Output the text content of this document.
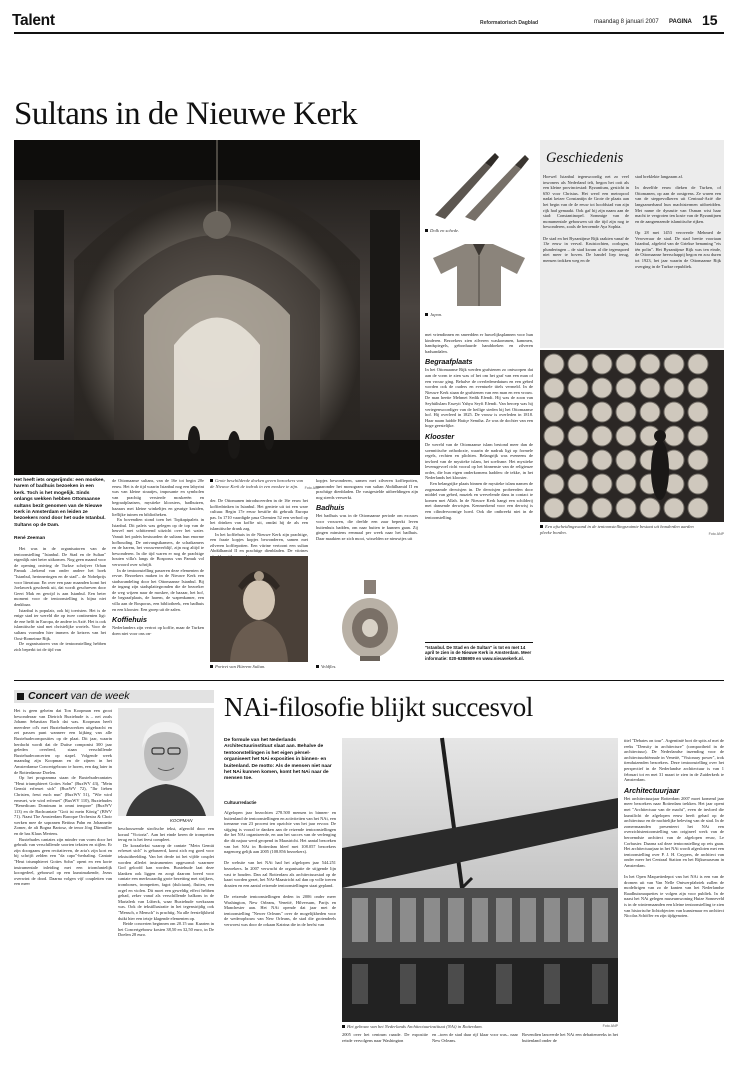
Talent	Reformatorisch Dagblad	maandag 8 januari 2007 PAGINA 15
Sultans in de Nieuwe Kerk
Geschiedenis
Hoewel Istanbul tegenwoordig net zo veel inwoners als Nederland telt, begon het ooit als een kleine provinciestad: Byzantium, gesticht in 650 voor Christus. Het werd een metropool nadat keizer Constantijn de Grote de plaats aan het begin van de 4e eeuw tot hoofdstad van zijn rijk had gemaakt. Ook gaf hij zijn naam aan de stad: Constantinopel. Sommige van de monumentale gebouwen uit die tijd zijn nog te bewonderen, zoals de beroemde Aya Sophia.

De stad en het Byzantijnse Rijk raakten vanaf de 13e eeuw in verval. Kruistochten, oorlogen, plunderingen – de stad kwam al die tegenspoed niet meer te boven. De handel liep terug, mensen trokken weg en de
stad breklekte langzaam af.

In dezelfde eeuw dieken de Turken, of Ottomanen, op aan de oostgrens. Ze waren een van de steppevolkeren uit Centraal-Azië die langzamerhand hun machtstermen uitbreidden. Met name de dynastie van Osman wist haar macht te vergroten ten koste van de Byzantijnen en de aangrenzende islamitische rijken.

Op 28 mei 1453 veroverde Mehmed de Veroveraar de stad. De stad heette voortaan Istanbul, afgeleid van de Griekse benaming "eis tèn polin". Het Byzantijnse Rijk was ten einde, de Ottomaanse heerschappij begon en zou duren tot 1923, het jaar waarin de Ottomaanse Rijk overging in de Turkse republiek.
Dolk en schede.
Japon.
Een afscheidingswand in de tentoonstellingsruimte bestaat uit honderden aarden pleeke borden.	Foto ANP
Het heeft iets ongerijmds: een moskee, harem of badhuis bezoeken in een kerk. Toch is het mogelijk. Sinds onlangs wekken hebben Ottomaanse sultans bezit genomen van de Nieuwe Kerk in Amsterdam en leiden ze bezoekers rond door het oude Istanbul. Sultans op de Dam.
René Zeeman

Het was in de organisatoren van de tentoonstelling "Istanbul. De Stad en de Sultan" eigenlijk niet beter uitkomen. Nog geen maand voor de opening ontving de Turkse schrijver Orhan Pamuk –bekend van onder andere het boek "Istanbul, herinneringen en de stad"– de Nobelprijs voor literatuur. En over een paar maanden komt het Joelawerk geschenk uit, dat wordt geschreven door Geert Mak en gewijd is aan Istanbul. Een beter moment voor de tentoonstelling is bijna niet denkbaar.

Istanbul is populair, ook bij toeristen. Het is de enige stad ter wereld die op twee continenten ligt: de ene helft in Europa, de andere in Azië. Het is ook islamitische stad met christelijke wortels. Voor de sultans vormden hier immers de keizers van het Oost-Romeinse Rijk.

De organisatoren van de tentoonstelling hebben zich beperkt tot de tijd van

de Ottomaanse sultans, van de 16e tot begin 20e eeuw. Het is de tijd waarin Istanbul nog een labyrint was van kleine straatjes, imposante en symbolen van prachtig versierde moskeeën en begraafplaatsen, mystieke kloosters, badhuizen, bazaars met kleine winkeltjes en geurige kruiden, lieflijke tuinen en bibliotheken.

En bovendien stond toen het Topkapipaleis in Istanbul. Dit paleis was gelegen op de top van de heuvel met schitterend uitzicht over het water. Vanuit het paleis bestuurden de sultans hun enorme hofhouding. De ontvangstkamers, de schatkamers en de harem, het vrouwenverblijf, zijn nog altijd te bewonderen. In die tijd waren er nog de prachtige houten villa's langs de Bosporus van Pamuk vol verwoord over schrijft.

In de tentoonstelling passeren deze elementen de revue. Bezoekers maken in de Nieuwe Kerk een stadswandeling door het Ottomaanse Istanbul. Bij de ingang zijn stadsplattegronden die de bezoeker de weg wijzen naar de moskee, de bazaar, het hof, de begraafplaats, de harem, de wapenkamer, een villa aan de Bosporus, een bibliotheek, een badhuis en een klooster. Een groep uit de zalen.

Koffiehuis

Nederlanders zijn vertrot op koffie, maar de Turken doen niet voor ons on-

Grote beschilderde doeken geven bezoekers van de Nieuwe Kerk de indruk in een moskee te zijn.	Foto ANP

der. De Ottomanen introduceerden in de 16e eeuw het koffiedrinken in Istanbul. Het geniete uit tot een ware cultuur. Begin 17e eeuw bestifte dit gebruik Europa pas. In 1710 vaardigde pasa Chemien 52 een verbod op het drinken van koffie uit, omdat hij de als een islamitische drank zag.

In het koffiehuis in de Nieuwe Kerk zijn prachtige, een fraaie kopjes kopjes bewonderen, samen met zilveren koffiepotten. Een vitrine vertoont een sultan Abdülhamid II en prachtige dienbladen. De vitrines

Portret van Hürrem Sultan.

kopjes bewonderen, samen met zilveren koffiepotten, waaronder het monogram van sultan Abdülhamid II en prachtige dienbladen. De vastgestelde uitbeeldingen zijn nog steeds verwerkt.

Badhuis

Het badhuis was in de Ottomaanse periode om excuses voor vrouwen, die deelde een zaar beperkt leven buitenhuis badden, om naar buiten te kunnen gaan. Zij gingen minstens eenmaal per week naar het badhuis. Daar maakten ze zich mooi, wisselden ze nieuwtjes uit

Veldfles.

met vriendinnen en smeedden er huwelijksplannen voor hun kinderen. Bezoekers zien zilveren waskommen, kammen, handspiegels, geborduurde handdoeken en zilveren badsandalen.

Begraafplaats

In het Ottomaanse Rijk werden grafstenen zo ontworpen dat aan de vorm te zien was of het om het graf van een man of een vrouw ging. Behalve de overledenedatum en een gebed worden ook de ouders en eventuele titels vermeld. In de Nieuwe Kerk staan de grafstenen van een man en een vrouw. De man heette Mehmet Sedik Efendi. Hij was de zoon van Seyhülislam Esseyit Yahya Seyfi Efendi. Van beroep was hij vertegenwoordiger van de heilige steden bij het Ottomaanse hof. Hij overleed in 1825. De vrouw is overleden in 1818. Haar naam luidde Hatiçe Semiha. Ze was de dochter van een hoge geestelijke.

Klooster

De wereld van de Ottomaanse islam bestond meer dan de soennitische orthodoxie, waarin de nadruk ligt op formele regels, rechten en plichten. Belangrijk was eveneens de invloed van de mystieke islam, het soefisme. Het mystieke levensgevoel richt vooral op het binnenste van de religieuze ordes, die hun eigen onderkomens hadden: de tekke, in het Nederlands het klooster.

Een belangrijke plaats binnen de mystieke islam namen de zogenaamde derwisjen in. De derwisjen probeerden door middel van gebed, muziek en wervelende dans in contact te komen met Allah. In de Nieuwe Kerk hangt een schilderij met dansende derwisjen. Kenmerkend voor een derwisj is een cilindervormige hoed. Ook die ontbreekt niet in de tentoonstelling.

"Istanbul. De Stad en de Sultan" is tot en met 14 april te zien in de Nieuwe Kerk in Amsterdam. Meer informatie: 020-6386909 en www.nieuwekerk.nl.
Concert van de week

Het is geen geheim dat Ton Koopman een groot bewonderaar van Dietrich Buxtehude is – net zoals Johann Sebastian Bach dat was. Koopman heeft meerdere cd's met Buxtehudeswerken uitgebracht en zet passen punt wanneer een kijking van alle Buxtehudecomposities op de plaat. Dit jaar, waarin herdacht wordt dat de Duitse componist 300 jaar geleden overleed, staan verschillende Buxtehudeconcerten op stapel. Volgende week maandag zijn Koopman en de zijnen in het Amsterdamse Concertgebouw te horen, een dag later in de Rotterdamse Doelen.

Op het programma staan de Buxtehudecantates "Heut triumphieret Gottes Sohn" (BuxWV 43), "Mein Gemüt erfreuet sich" (BuxWV 72), "Ihr lieben Christen, freut euch nun" (BuxWV 51), "Wie wird erneuet, wie wird erfreuet" (BuxWV 110), Buxtehudes "Benedicam Dominum in omni tempore" (BuxWV 113) en de Bachcantate "Gott ist mein König" (BWV 71). Naast The Amsterdam Baroque Orchestra & Choir werken mee de sopranen Bettina Pahn en Johannette Zomer, de alt Bogna Bartosz, de tenor Jörg Dürmüller en de bas Klaus Mertens.

Buxtehudes cantates zijn minder van vorm door het gebruik van verschillende soorten teksten en stijlen. Er zijn doorgaans geen recitatieven, de aria's zijn kort en bij schrijft zelden een "da capo"-herhaling. Cantate "Heut triumphieret Gottes Sohn" opent en een korte instrumentale inleiding met een triomfantelijk koorgedeel, gebouwd op een kunstmakende, Jezus overwint de dood. Daarna volgen vijf coupletten van een meer

KOOPMAN

beschouwende strofische tekst, afgerold door een koraal "Victoria". Aan het einde keren de trompetten terug en is het feest compleet.

De koraaltekst waarop de cantate "Mein Gemüt erfreuet sich" is gebaseerd, komt zich erg goed voor tekstuitbeelding. Van het derde tot het vijfde couplet worden allerlei instrumenten opgesomd: waarmee God geloofd kan worden. Buxtehude laat deze klanken ook liggen en zorgt daarom breed voor cantate een merkwaardig grote bezetting met strijkers, trombones, trompetten, fagot (dulciaan), fluiten, een orgel en violen. Dit moet een geweldig effect hebben gehad, zeker vanaf als verschillende balkons in de Marialerk van Lübeck, waar Buxtehude werkzaam was. Ook de tekstillustratie in het tegenstrijdig ook "Mensch, o Mensch" is prachtig. Na alle feestelijkheid duikt hier een ietsje klagende elementen op.

Beide concerten beginnen om 20.15 uur. Kaarten in het Concertgebouw kosten 38,50 en 32,50 euro, in De Doelen 28 euro.

NAi-filosofie blijkt succesvol
De formule van het Nederlands Architectuurinstituut slaat aan. Behalve de tentoonstellingen is het eigen pèrsel-organiseert het NAi exposities in binnen- en buitenland. De motto: Als de mensen niet naar het NAi kunnen komen, komt het NAi naar de mensen toe.
Cultuurredactie
Afgelopen jaar bezochten 278.500 mensen in binnen- en buitenland de tentoonstellingen en activiteiten van het NAi, een toename van 23 procent ten opzichte van het jaar ervoor. De stijging is vooral te danken aan de reizende tentoonstellingen die het NAi organiseerde, en aan het succes van de verlenging die dit najaar werd geopend in Maastricht. Het aantal bezoeken van het NAi in Rotterdam bleef met 108.057 bezoekers nagenoeg gelijk aan 2005 (108.856 bezoekers).

De website van het NAi had het afgelopen jaar 544.251 bezoekers. In 2007 verwacht de organisatie de stijgende lijn vast te houden. Dan zal Rotterdam als architectuurstad op de kaart worden gezet, het NAi-Maastricht zal dan op volle toeren draaien en een aantal reizende tentoonstellingen staat gepland.

De reizende tentoonstellingen deden in 2006 onder meer Washington, New Orleans, Venetië, Hilversum, Parijs en Manchester aan. Het NAi opende dat jaar met de tentoonstelling "Newer Orleans" over de mogelijkheden voor de wederopbouw van New Orleans, de stad die grotendeels verwoest was door de orkaan Katrina die in de herfst van
Het gebouw van het Nederlands Architectuurinstituut (NAi) in Rotterdam.	Foto ANP
2005 over het centrum raasde. De expositie reisde vervolgens naar Washington
en –toen de stad daar rijf klaar voor was– naar New Orleans.
Bovendien lanceerde het NAi een debattenreeks in het buitenland onder de

titel "Debates on tour". Argentinië bort de spits af met de reeks "Density in architecture" (compactheid in de architectuur). De Nederlandse inzending voor de architectuurbiënnale in Venetië, "Visionary power", trok tienduizenden bezoekers. Deze tentoonstelling over het perspectief in de Nederlandse architectuur is van 1 februari tot en met 31 maart te zien in de Zuiderkerk te Amsterdam.

Architectuurjaar

Het architectuurjaar Rotterdam 2007 moet komend jaar meer bezoekers naar Rotterdam trekken. Het jaar opent met "Architectuur van de macht", even de invloed die kunstlicht de afgelopen eeuw heeft gehad op de architectuur en de nachtelijke beleving van de stad. In de zomermaanden presenteert het NAi een overzichtstentoonstelling van origineel werk van de beroemdste architect van de afgelopen eeuw, Le Corbusier. Daarna zal deze tentoonstelling op reis gaan. Het architectuurjaar in het NAi wordt afgesloten met een tentoonstelling over P. J. H. Cuypers, de architect van onder meer het Centraal Station en het Rijksmuseum in Amsterdam.

In het Open Maquettedepot van het NAi is een van de dromen uit van Van Nelle Ontwerpfabriek zullen de modeltrigen van zo de kanten van het Nederlandse Raadhuismaquettes te volgen zijn voor publiek. In de naast het NAi gelegen museumwoning Huize Sonneveld is in de wintermaanden een kleine tentoonstelling te zien van historische lichtobjecten van kunstenaar en architect Nicolas Schöffer en zijn tijdgenoten.
